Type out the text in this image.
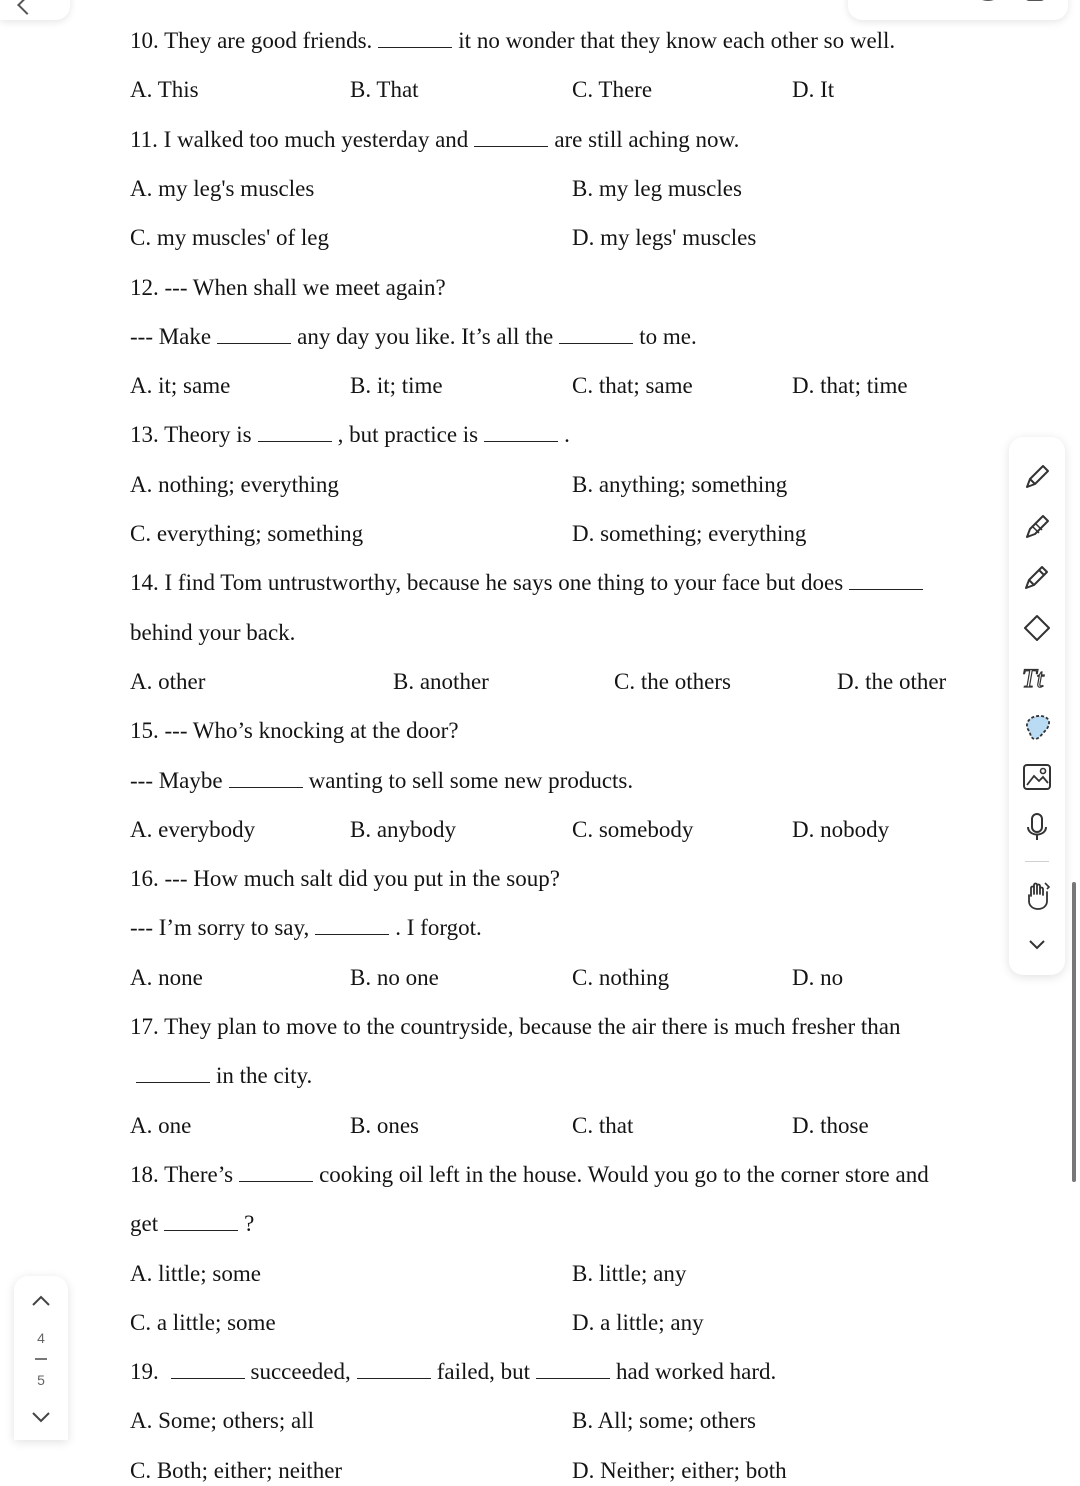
10. They are good friends.	it no wonder that they know each other so well.
A. This	B. That	C. There	D. It
11. I walked too much yesterday and	are still aching now.
A. my leg's muscles	B. my leg muscles
C. my muscles' of leg	D. my legs' muscles
12. --- When shall we meet again?
--- Make	any day you like. It’s all the	to me.
A. it; same	B. it; time	C. that; same	D. that; time
13. Theory is	, but practice is	.
A. nothing; everything	B. anything; something
C. everything; something	D. something; everything
14. I find Tom untrustworthy, because he says one thing to your face but does
behind your back.
A. other	B. another	C. the others	D. the other
15. --- Who’s knocking at the door?
--- Maybe	wanting to sell some new products.
A. everybody	B. anybody	C. somebody	D. nobody
16. --- How much salt did you put in the soup?
--- I’m sorry to say,	. I forgot.
A. none	B. no one	C. nothing	D. no
17. They plan to move to the countryside, because the air there is much fresher than
in the city.
A. one	B. ones	C. that	D. those
18. There’s	cooking oil left in the house. Would you go to the corner store and
get	?
A. little; some	B. little; any
C. a little; some	D. a little; any
19.	succeeded,	failed, but	had worked hard.
A. Some; others; all	B. All; some; others
C. Both; either; neither	D. Neither; either; both
Tt
4
5
